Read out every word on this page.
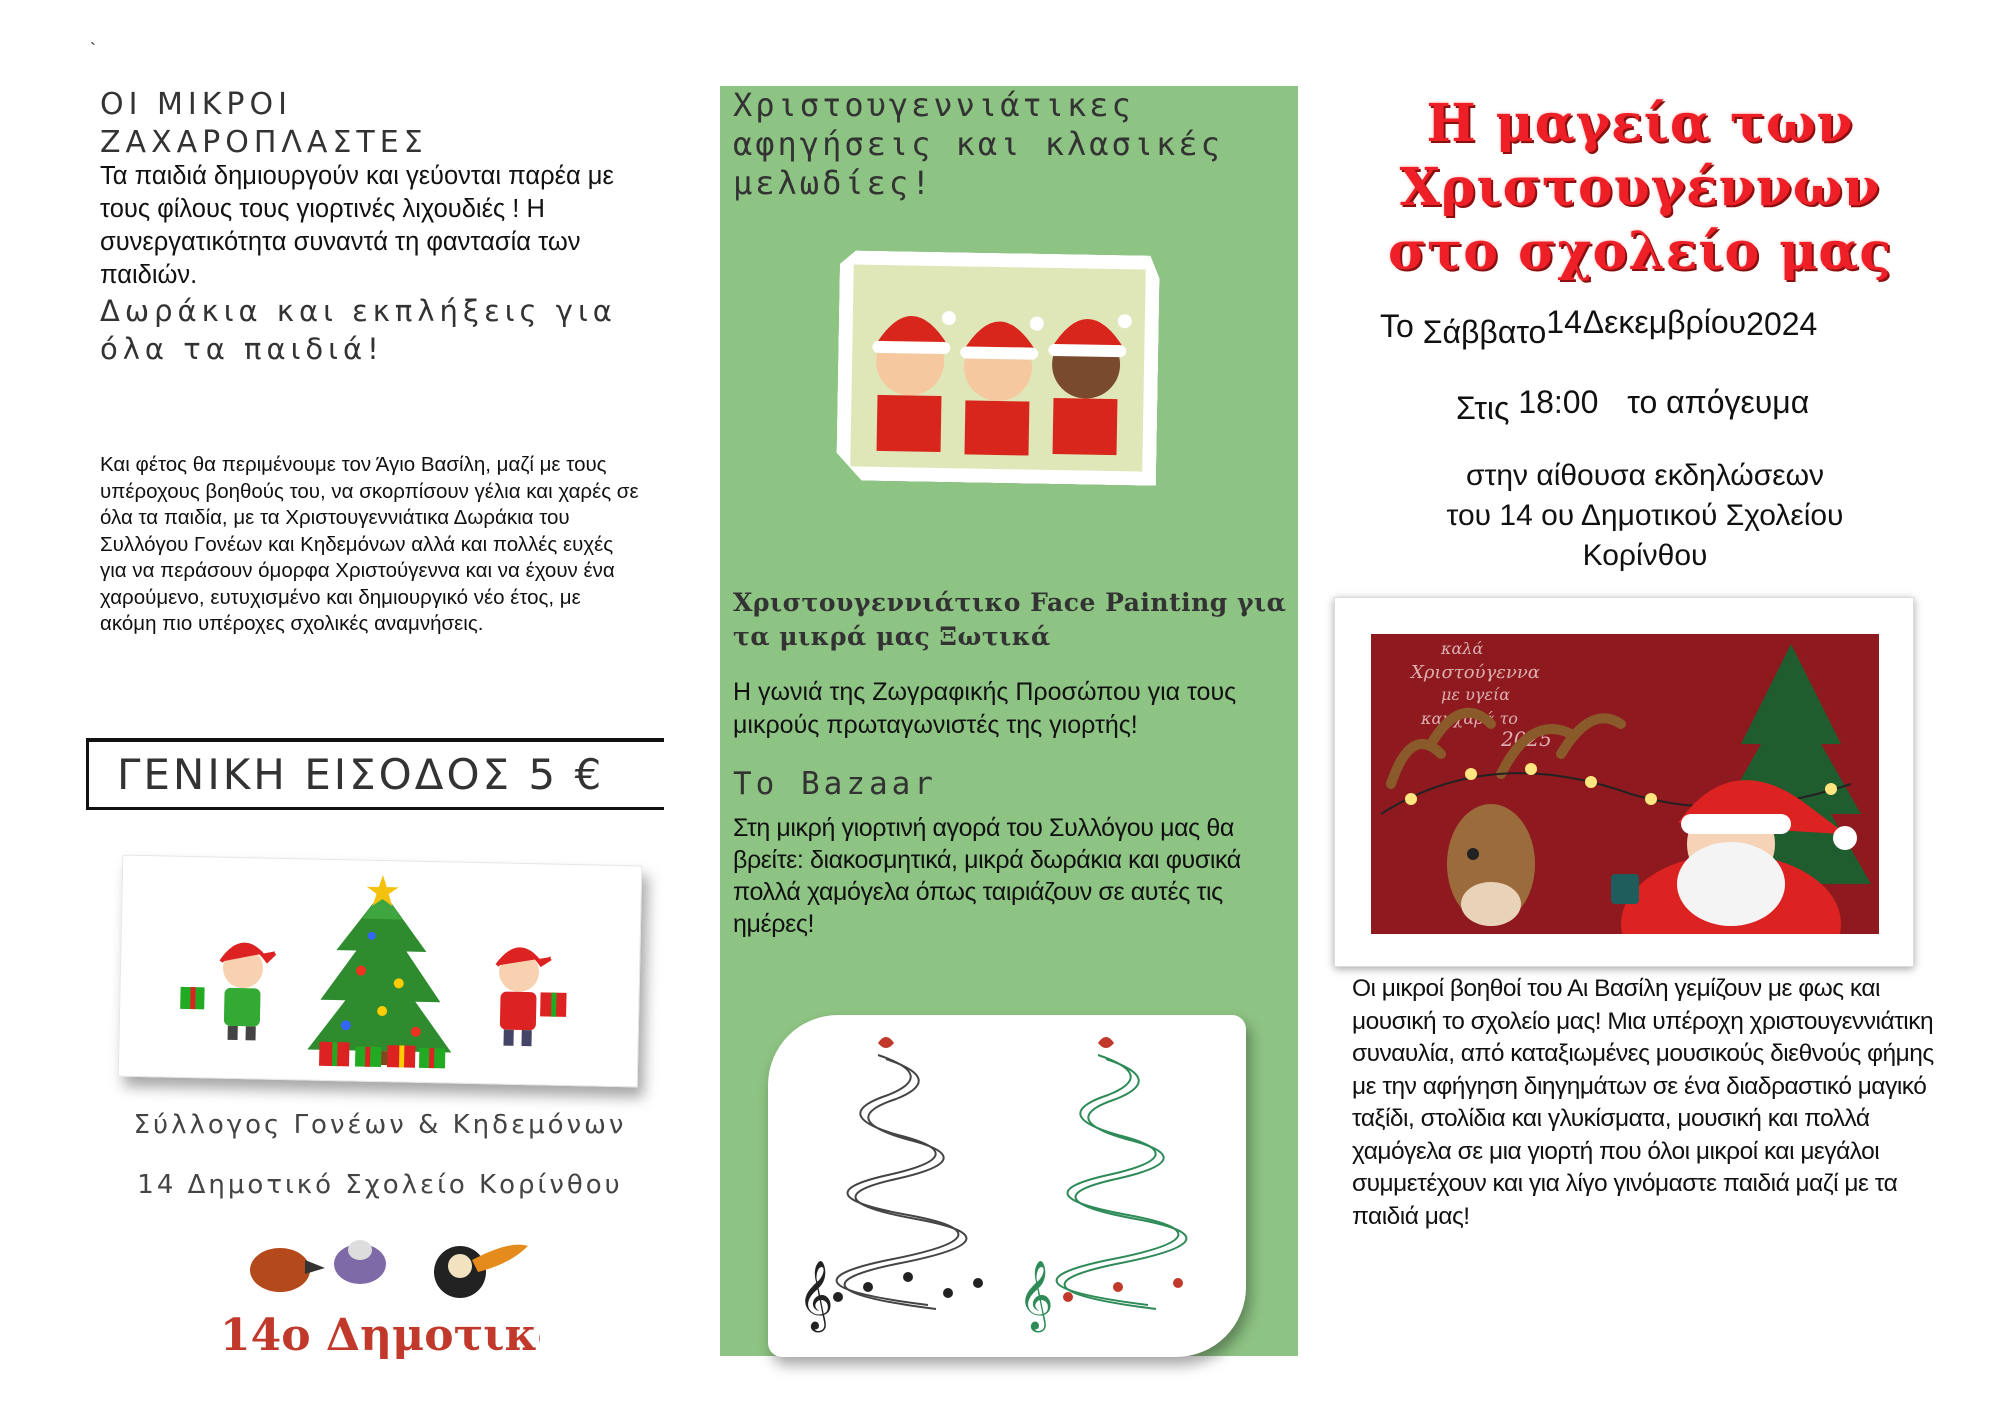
`
ΟΙ ΜΙΚΡΟΙ ΖΑΧΑΡΟΠΛΑΣΤΕΣ
Τα παιδιά δημιουργούν και γεύονται παρέα με τους φίλους τους γιορτινές λιχουδιές ! Η συνεργατικότητα συναντά τη φαντασία των παιδιών.
Δωράκια και εκπλήξεις για όλα τα παιδιά!
Και φέτος θα περιμένουμε τον Άγιο Βασίλη, μαζί με τους υπέροχους βοηθούς του, να σκορπίσουν γέλια και χαρές σε όλα τα παιδία, με τα Χριστουγεννιάτικα Δωράκια του Συλλόγου Γονέων και Κηδεμόνων αλλά και πολλές ευχές για να περάσουν όμορφα Χριστούγεννα και να έχουν ένα χαρούμενο, ευτυχισμένο και δημιουργικό νέο έτος, με ακόμη πιο υπέροχες σχολικές αναμνήσεις.
ΓΕΝΙΚΗ ΕΙΣΟΔΟΣ 5 €
Σύλλογος Γονέων & Κηδεμόνων
14 Δημοτικό Σχολείο Κορίνθου
14ο Δημοτικό
Χριστουγεννιάτικες αφηγήσεις και κλασικές μελωδίες!
Χριστουγεννιάτικο Face Painting για τα μικρά μας Ξωτικά
Η γωνιά της Ζωγραφικής Προσώπου για τους μικρούς πρωταγωνιστές της γιορτής!
Το Bazaar
Στη μικρή γιορτινή αγορά του Συλλόγου μας θα βρείτε: διακοσμητικά, μικρά δωράκια και φυσικά πολλά χαμόγελα όπως ταιριάζουν σε αυτές τις ημέρες!
𝄞	𝄞
Η μαγεία των
Χριστουγέννων
στο σχολείο μας
Το Σάββατο14 Δεκεμβρίου2024
Στις 18:00 το απόγευμα
στην αίθουσα εκδηλώσεων
του 14 ου Δημοτικού Σχολείου
Κορίνθου
καλά
Χριστούγεννα
με υγεία
και χαρά το
2025
Οι μικροί βοηθοί του Αι Βασίλη γεμίζουν με φως και μουσική το σχολείο μας! Μια υπέροχη χριστουγεννιάτικη συναυλία, από καταξιωμένες μουσικούς διεθνούς φήμης με την αφήγηση διηγημάτων σε ένα διαδραστικό μαγικό ταξίδι, στολίδια και γλυκίσματα, μουσική και πολλά χαμόγελα σε μια γιορτή που όλοι μικροί και μεγάλοι συμμετέχουν και για λίγο γινόμαστε παιδιά μαζί με τα παιδιά μας!
